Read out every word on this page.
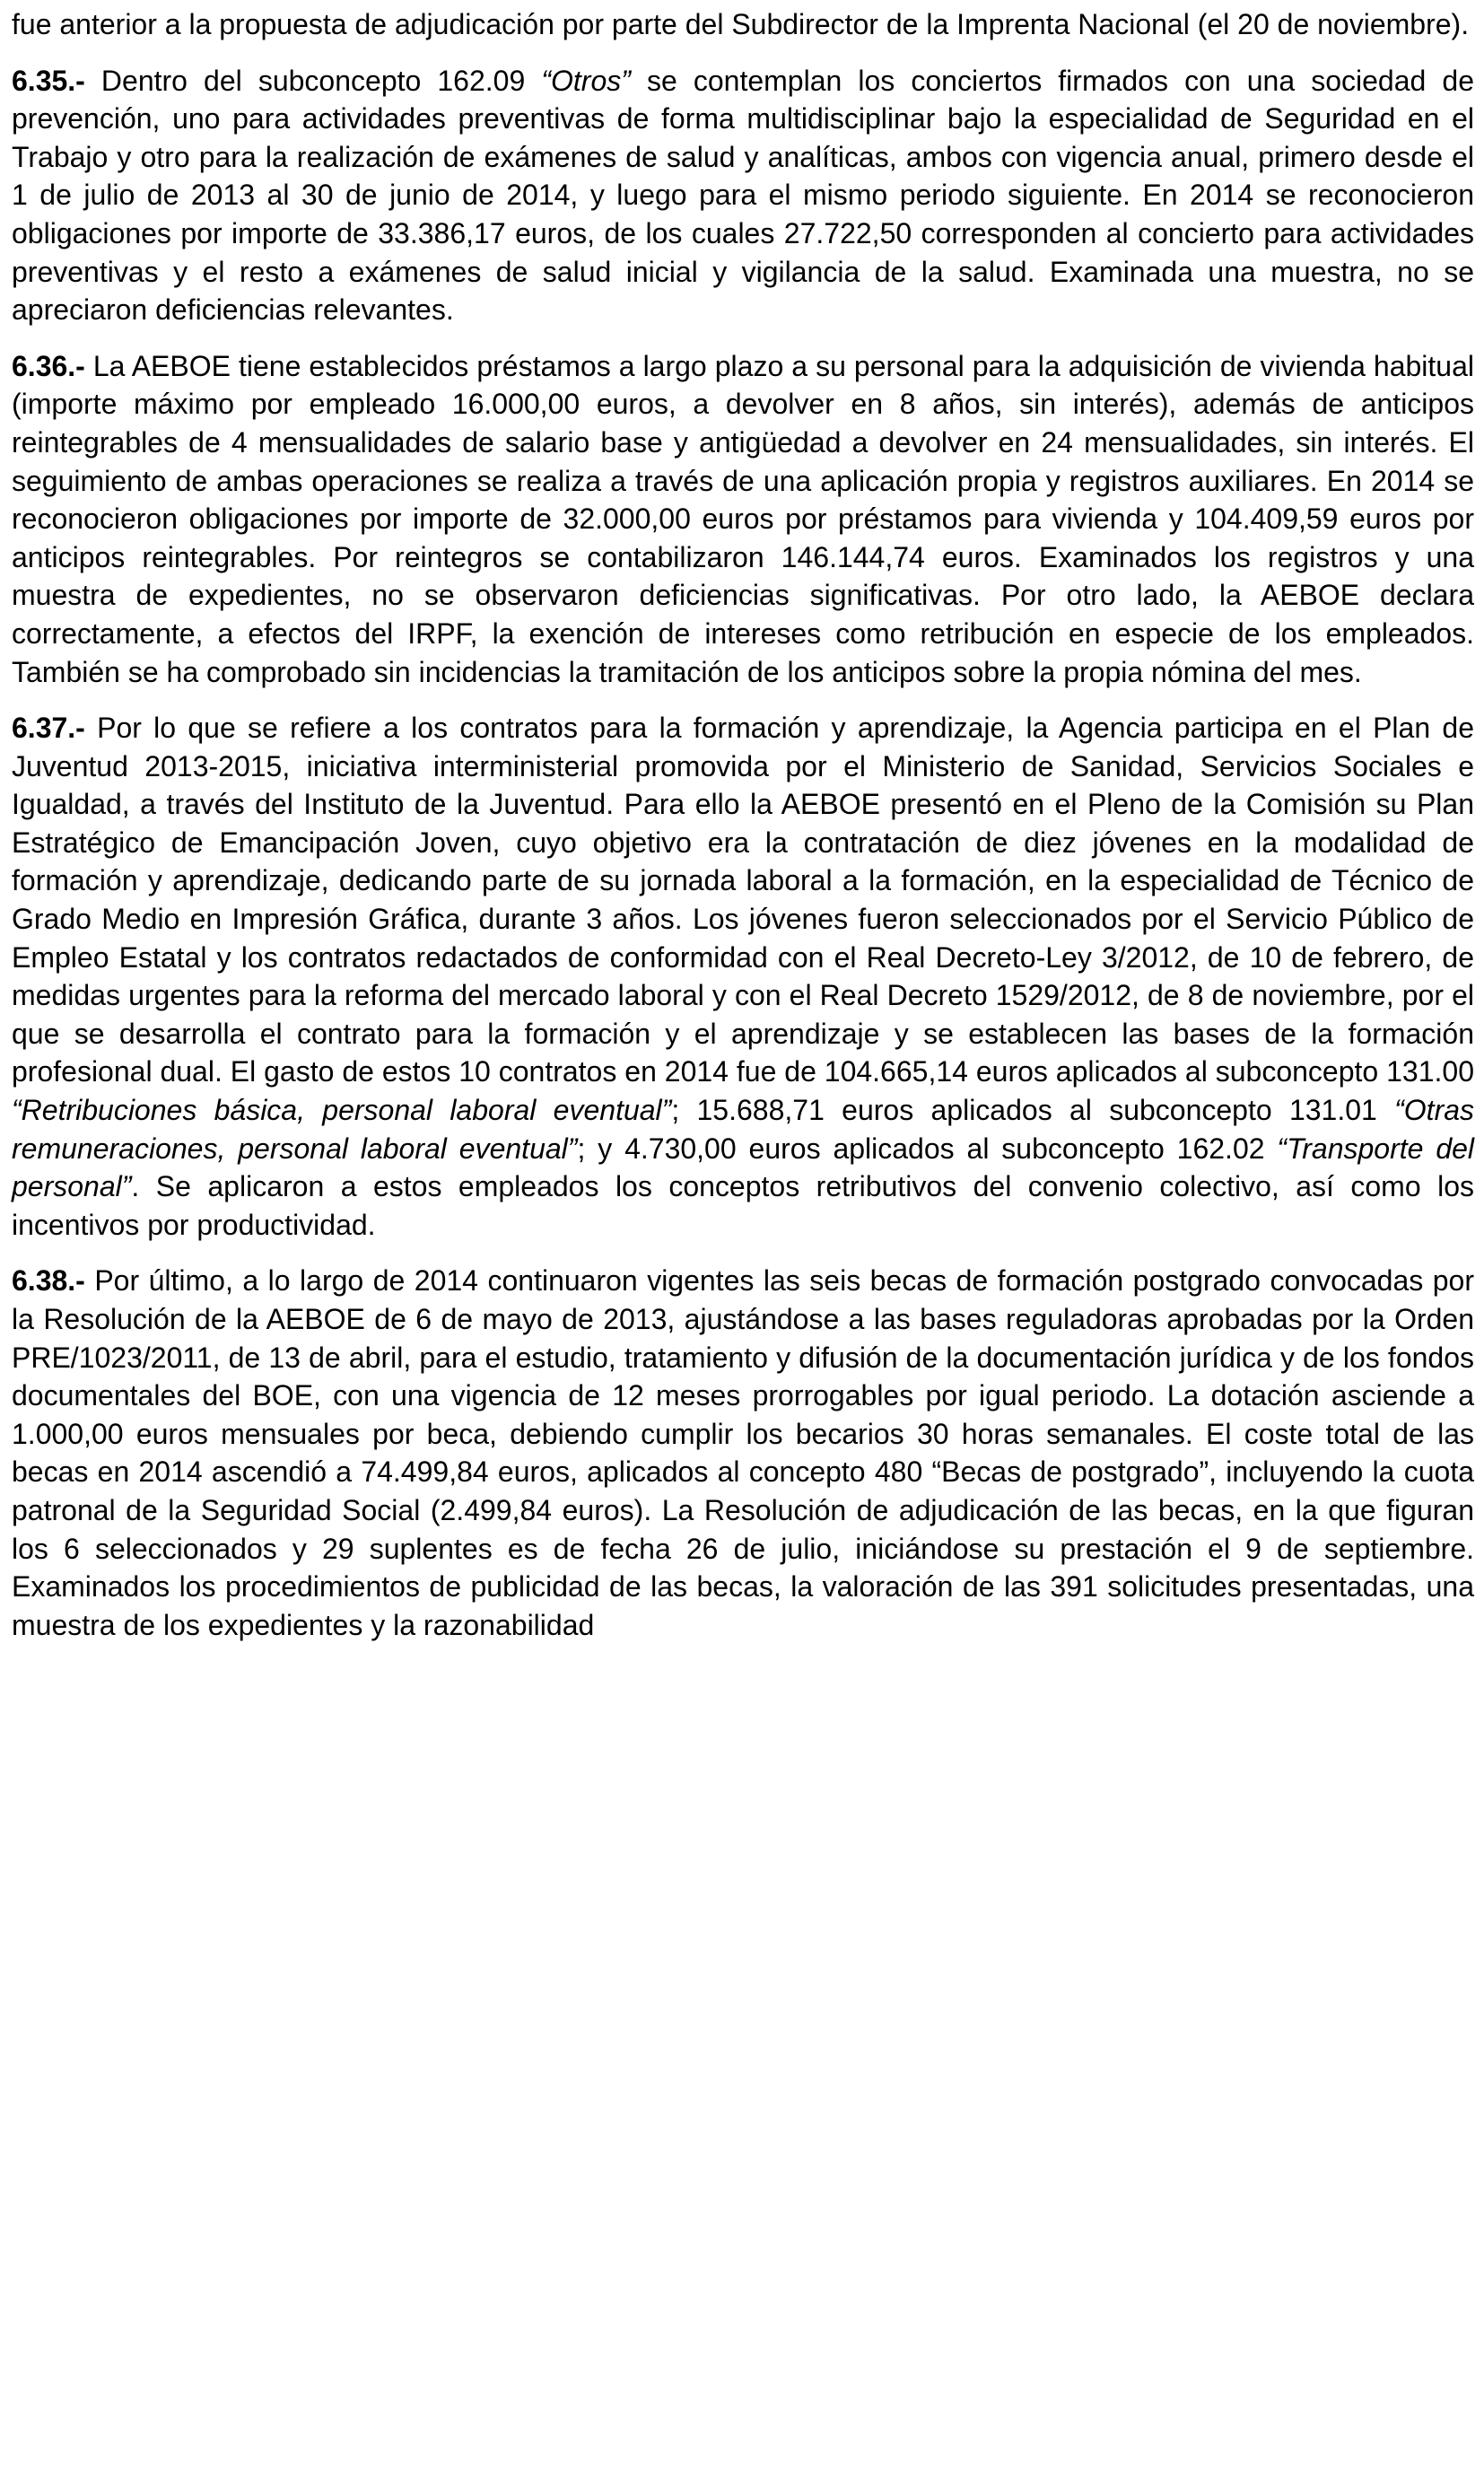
fue anterior a la propuesta de adjudicación por parte del Subdirector de la Imprenta Nacional (el 20 de noviembre).

6.35.- Dentro del subconcepto 162.09 “Otros” se contemplan los conciertos firmados con una sociedad de prevención, uno para actividades preventivas de forma multidisciplinar bajo la especialidad de Seguridad en el Trabajo y otro para la realización de exámenes de salud y analíticas, ambos con vigencia anual, primero desde el 1 de julio de 2013 al 30 de junio de 2014, y luego para el mismo periodo siguiente. En 2014 se reconocieron obligaciones por importe de 33.386,17 euros, de los cuales 27.722,50 corresponden al concierto para actividades preventivas y el resto a exámenes de salud inicial y vigilancia de la salud. Examinada una muestra, no se apreciaron deficiencias relevantes.

6.36.- La AEBOE tiene establecidos préstamos a largo plazo a su personal para la adquisición de vivienda habitual (importe máximo por empleado 16.000,00 euros, a devolver en 8 años, sin interés), además de anticipos reintegrables de 4 mensualidades de salario base y antigüedad a devolver en 24 mensualidades, sin interés. El seguimiento de ambas operaciones se realiza a través de una aplicación propia y registros auxiliares. En 2014 se reconocieron obligaciones por importe de 32.000,00 euros por préstamos para vivienda y 104.409,59 euros por anticipos reintegrables. Por reintegros se contabilizaron 146.144,74 euros. Examinados los registros y una muestra de expedientes, no se observaron deficiencias significativas. Por otro lado, la AEBOE declara correctamente, a efectos del IRPF, la exención de intereses como retribución en especie de los empleados. También se ha comprobado sin incidencias la tramitación de los anticipos sobre la propia nómina del mes.

6.37.- Por lo que se refiere a los contratos para la formación y aprendizaje, la Agencia participa en el Plan de Juventud 2013-2015, iniciativa interministerial promovida por el Ministerio de Sanidad, Servicios Sociales e Igualdad, a través del Instituto de la Juventud. Para ello la AEBOE presentó en el Pleno de la Comisión su Plan Estratégico de Emancipación Joven, cuyo objetivo era la contratación de diez jóvenes en la modalidad de formación y aprendizaje, dedicando parte de su jornada laboral a la formación, en la especialidad de Técnico de Grado Medio en Impresión Gráfica, durante 3 años. Los jóvenes fueron seleccionados por el Servicio Público de Empleo Estatal y los contratos redactados de conformidad con el Real Decreto-Ley 3/2012, de 10 de febrero, de medidas urgentes para la reforma del mercado laboral y con el Real Decreto 1529/2012, de 8 de noviembre, por el que se desarrolla el contrato para la formación y el aprendizaje y se establecen las bases de la formación profesional dual. El gasto de estos 10 contratos en 2014 fue de 104.665,14 euros aplicados al subconcepto 131.00 “Retribuciones básica, personal laboral eventual”; 15.688,71 euros aplicados al subconcepto 131.01 “Otras remuneraciones, personal laboral eventual”; y 4.730,00 euros aplicados al subconcepto 162.02 “Transporte del personal”. Se aplicaron a estos empleados los conceptos retributivos del convenio colectivo, así como los incentivos por productividad.

6.38.- Por último, a lo largo de 2014 continuaron vigentes las seis becas de formación postgrado convocadas por la Resolución de la AEBOE de 6 de mayo de 2013, ajustándose a las bases reguladoras aprobadas por la Orden PRE/1023/2011, de 13 de abril, para el estudio, tratamiento y difusión de la documentación jurídica y de los fondos documentales del BOE, con una vigencia de 12 meses prorrogables por igual periodo. La dotación asciende a 1.000,00 euros mensuales por beca, debiendo cumplir los becarios 30 horas semanales. El coste total de las becas en 2014 ascendió a 74.499,84 euros, aplicados al concepto 480 “Becas de postgrado”, incluyendo la cuota patronal de la Seguridad Social (2.499,84 euros). La Resolución de adjudicación de las becas, en la que figuran los 6 seleccionados y 29 suplentes es de fecha 26 de julio, iniciándose su prestación el 9 de septiembre. Examinados los procedimientos de publicidad de las becas, la valoración de las 391 solicitudes presentadas, una muestra de los expedientes y la razonabilidad
